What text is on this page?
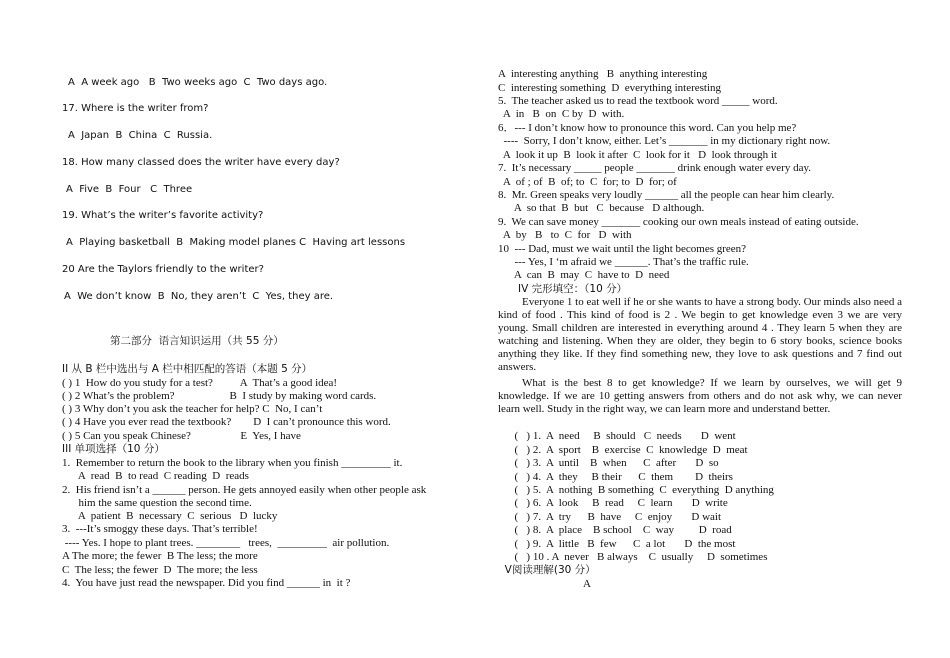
A  A week ago   B  Two weeks ago  C  Two days ago.
17. Where is the writer from?
A  Japan  B  China  C  Russia.
18. How many classed does the writer have every day?
A  Five  B  Four   C  Three
19. What’s the writer’s favorite activity?
A  Playing basketball  B  Making model planes C  Having art lessons
20 Are the Taylors friendly to the writer?
A  We don’t know  B  No, they aren’t  C  Yes, they are.
第二部分  语言知识运用（共 55 分）
II 从 B 栏中选出与 A 栏中相匹配的答语（本题 5 分）
( ) 1  How do you study for a test?          A  That’s a good idea!
( ) 2 What’s the problem?                    B  I study by making word cards.
( ) 3 Why don’t you ask the teacher for help? C  No, I can’t
( ) 4 Have you ever read the textbook?        D  I can’t pronounce this word.
( ) 5 Can you speak Chinese?                  E  Yes, I have
III 单项选择（10 分）
1.  Remember to return the book to the library when you finish _________ it.
A  read  B  to read  C reading  D  reads
2.  His friend isn’t a ______ person. He gets annoyed easily when other people ask
him the same question the second time.
A  patient  B  necessary  C  serious   D  lucky
3.  ---It’s smoggy these days. That’s terrible!
---- Yes. I hope to plant trees. ________   trees,  _________  air pollution.
A The more; the fewer  B The less; the more
C  The less; the fewer  D  The more; the less
4.  You have just read the newspaper. Did you find ______ in  it ?
A  interesting anything   B  anything interesting
C  interesting something  D  everything interesting
5.  The teacher asked us to read the textbook word _____ word.
A  in   B  on  C by  D  with.
6．--- I don’t know how to pronounce this word. Can you help me?
----  Sorry, I don’t know, either. Let’s _______ in my dictionary right now.
A  look it up  B  look it after  C  look for it   D  look through it
7.  It’s necessary _____ people _______ drink enough water every day.
A  of ; of  B  of; to  C  for; to  D  for; of
8.  Mr. Green speaks very loudly ______ all the people can hear him clearly.
A  so that  B  but   C  because   D although.
9.  We can save money _______ cooking our own meals instead of eating outside.
A  by   B   to  C  for   D  with
10  --- Dad, must we wait until the light becomes green?
--- Yes, I ‘m afraid we ______. That’s the traffic rule.
A  can  B  may  C  have to  D  need
IV 完形填空：（10 分）
Everyone 1 to eat well if he or she wants to have a strong body. Our minds also need a kind of food . This kind of food is 2 . We begin to get knowledge even 3 we are very young. Small children are interested in everything around 4 . They learn 5 when they are watching and listening. When they are older, they begin to 6 story books, science books anything they like. If they find something new, they love to ask questions and 7 find out answers.
What is the best 8 to get knowledge? If we learn by ourselves, we will get 9 knowledge. If we are 10 getting answers from others and do not ask why, we can never learn well. Study in the right way, we can learn more and understand better.
(   ) 1.  A  need     B  should   C  needs       D  went
(   ) 2.  A  sport    B  exercise  C  knowledge  D  meat
(   ) 3.  A  until    B  when      C  after       D  so
(   ) 4.  A  they     B their      C  them        D  theirs
(   ) 5.  A  nothing  B something  C  everything  D anything
(   ) 6.  A  look     B  read     C  learn       D  write
(   ) 7.  A  try      B  have     C  enjoy       D wait
(   ) 8.  A  place    B school    C  way         D  road
(   ) 9.  A  little   B  few      C  a lot       D  the most
(   ) 10 . A  never   B always    C  usually     D  sometimes
V阅读理解(30 分）
A
